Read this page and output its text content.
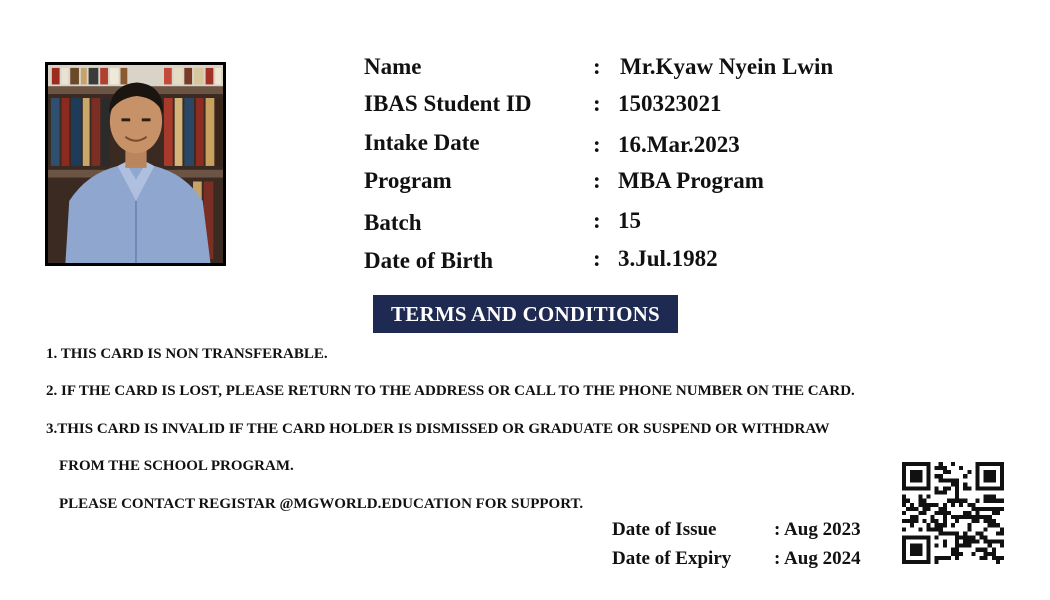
Name	: Mr.Kyaw Nyein Lwin
IBAS Student ID	: 150323021
Intake Date	: 16.Mar.2023
Program	: MBA Program
Batch	: 15
Date of Birth	: 3.Jul.1982
TERMS AND CONDITIONS
1. THIS CARD IS NON TRANSFERABLE.
2. IF THE CARD IS LOST, PLEASE RETURN TO THE ADDRESS OR CALL TO THE PHONE NUMBER ON THE CARD.
3.THIS CARD IS INVALID IF THE CARD HOLDER IS DISMISSED OR GRADUATE OR SUSPEND OR WITHDRAW
FROM THE SCHOOL PROGRAM.
PLEASE CONTACT REGISTAR @MGWORLD.EDUCATION FOR SUPPORT.
Date of Issue	: Aug 2023
Date of Expiry : Aug 2024
